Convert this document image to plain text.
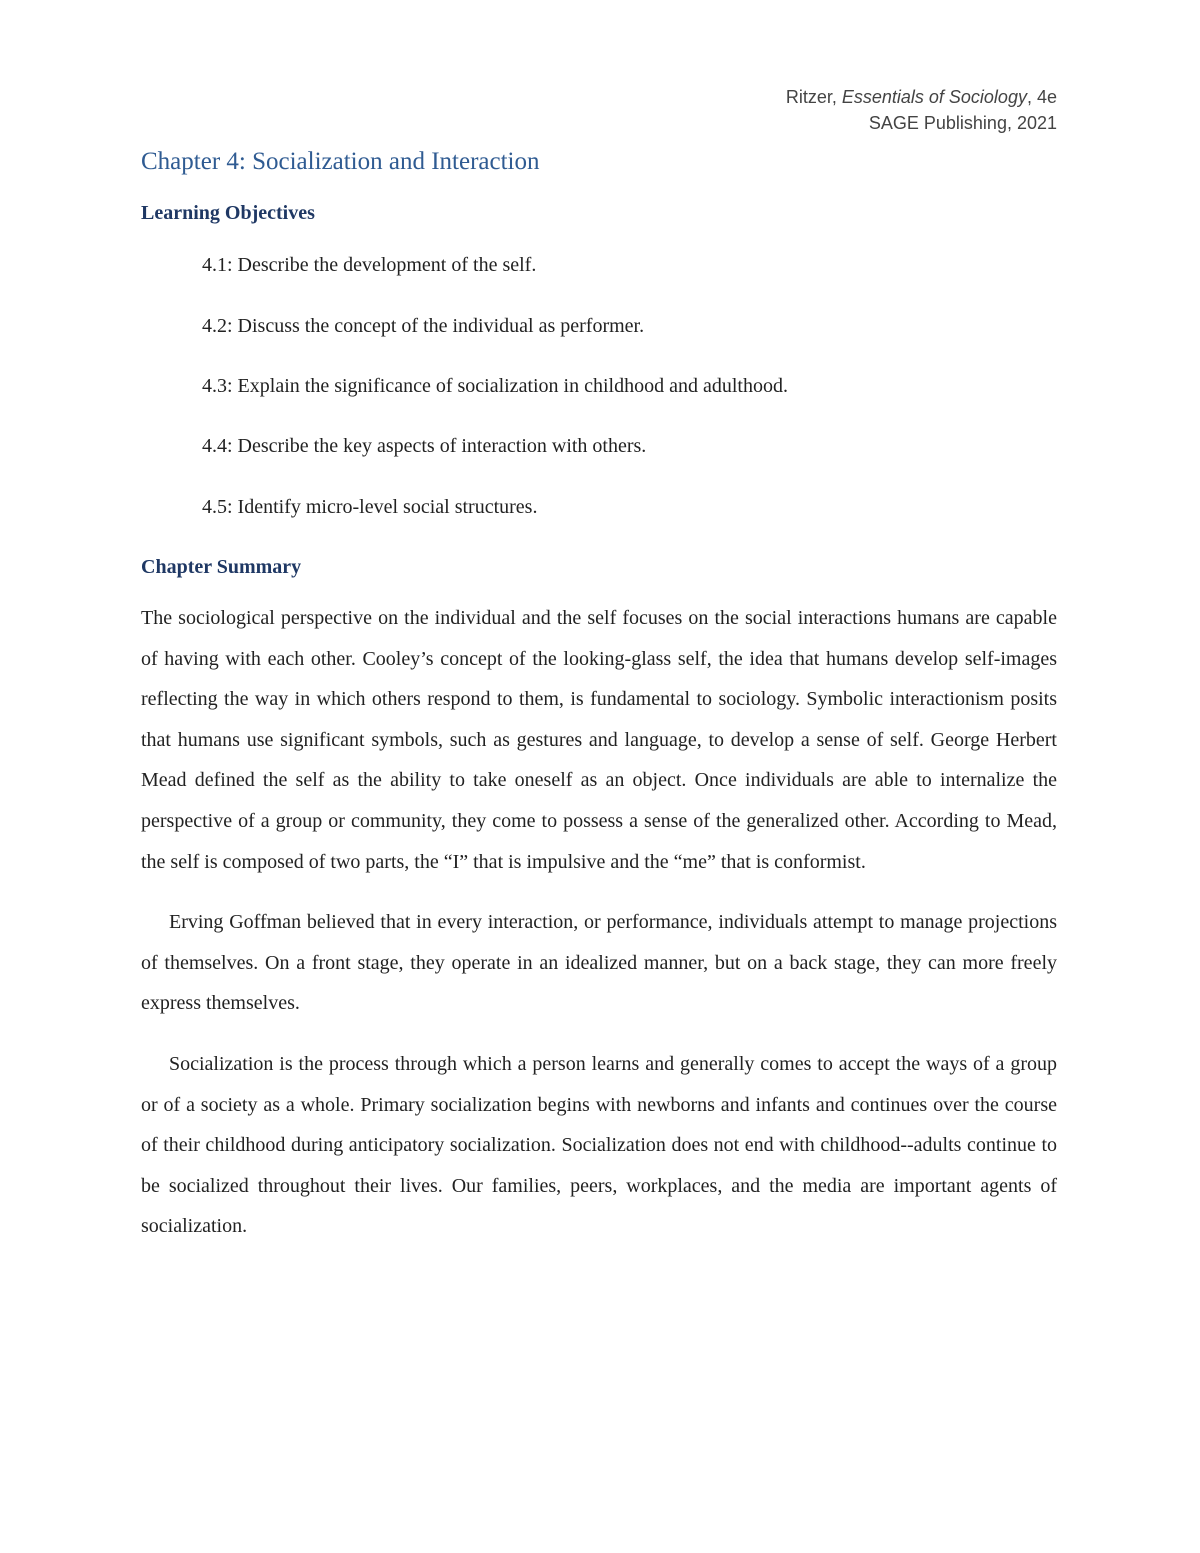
Ritzer, Essentials of Sociology, 4e
SAGE Publishing, 2021
Chapter 4: Socialization and Interaction
Learning Objectives
4.1: Describe the development of the self.
4.2: Discuss the concept of the individual as performer.
4.3: Explain the significance of socialization in childhood and adulthood.
4.4: Describe the key aspects of interaction with others.
4.5: Identify micro-level social structures.
Chapter Summary

The sociological perspective on the individual and the self focuses on the social interactions humans are capable of having with each other. Cooley’s concept of the looking-glass self, the idea that humans develop self-images reflecting the way in which others respond to them, is fundamental to sociology. Symbolic interactionism posits that humans use significant symbols, such as gestures and language, to develop a sense of self. George Herbert Mead defined the self as the ability to take oneself as an object. Once individuals are able to internalize the perspective of a group or community, they come to possess a sense of the generalized other. According to Mead, the self is composed of two parts, the “I” that is impulsive and the “me” that is conformist.

Erving Goffman believed that in every interaction, or performance, individuals attempt to manage projections of themselves. On a front stage, they operate in an idealized manner, but on a back stage, they can more freely express themselves.

Socialization is the process through which a person learns and generally comes to accept the ways of a group or of a society as a whole. Primary socialization begins with newborns and infants and continues over the course of their childhood during anticipatory socialization. Socialization does not end with childhood--adults continue to be socialized throughout their lives. Our families, peers, workplaces, and the media are important agents of socialization.
